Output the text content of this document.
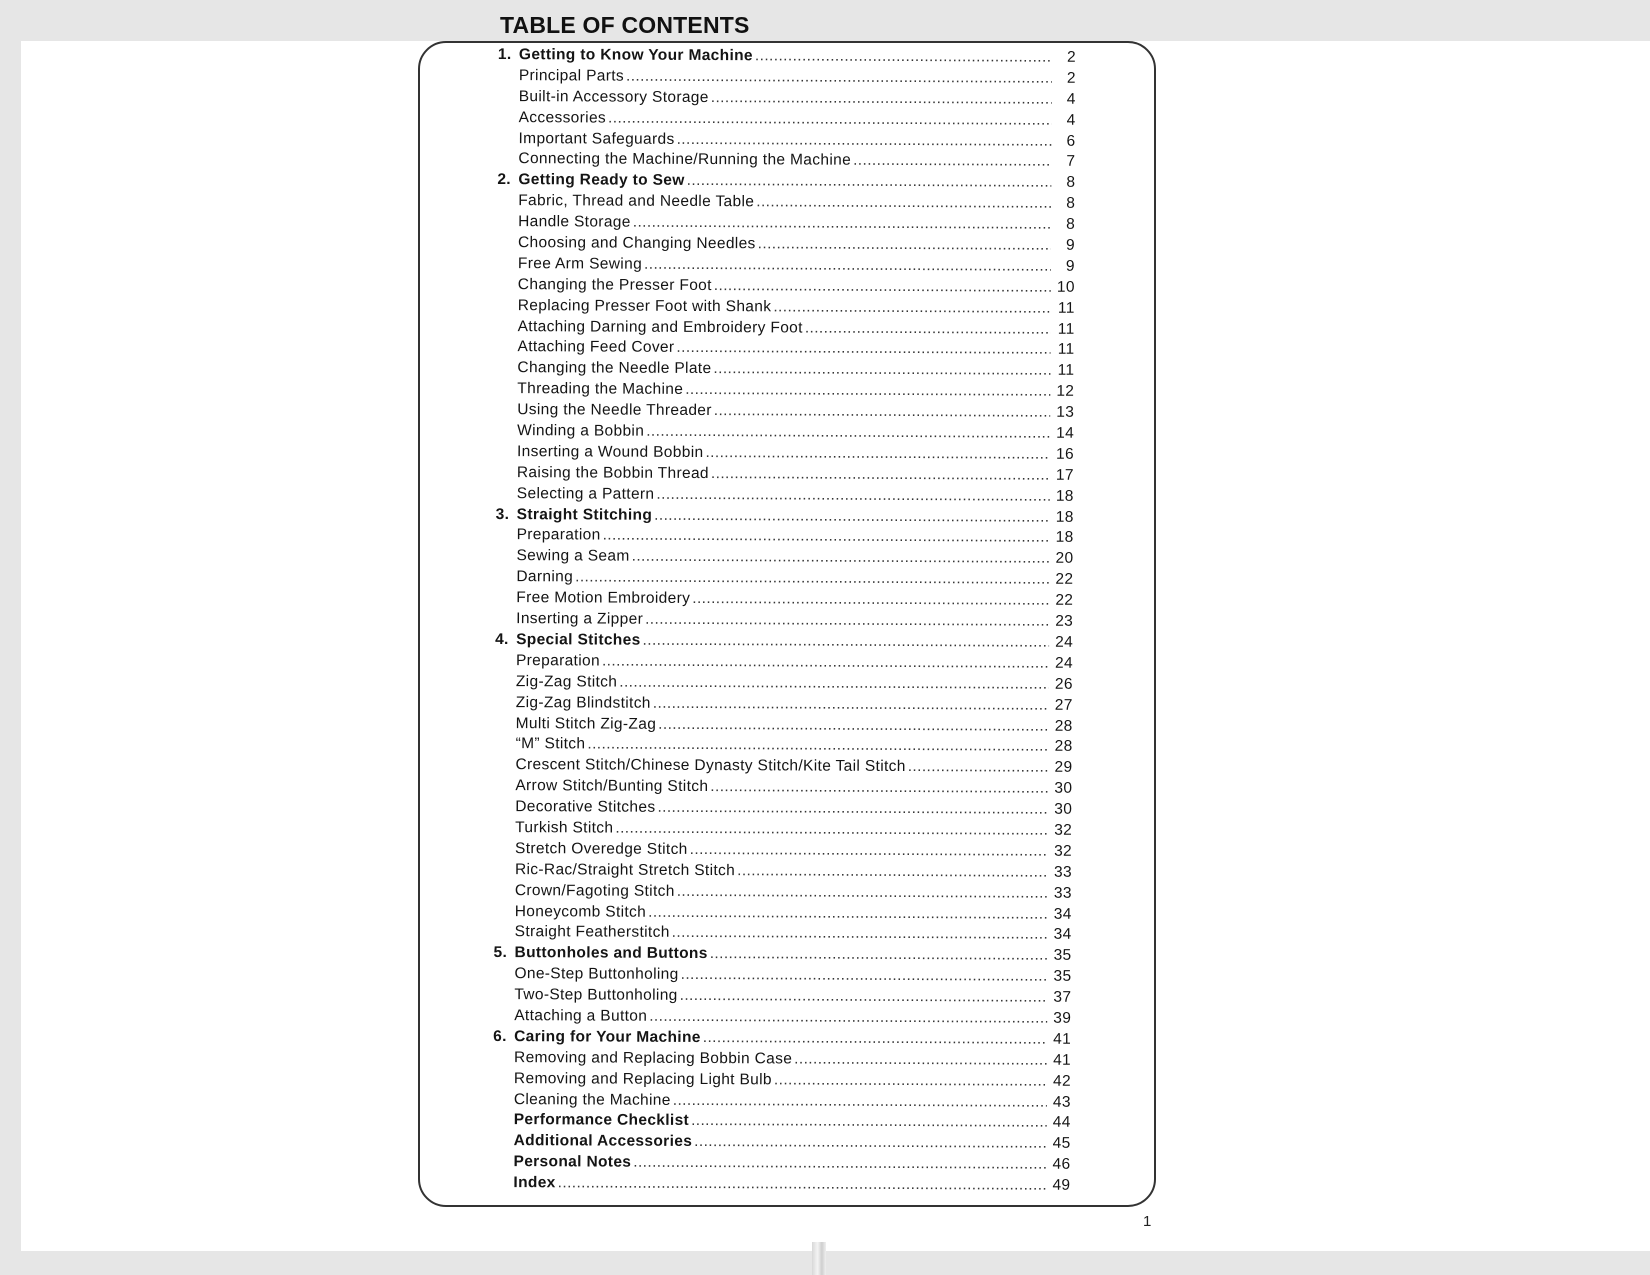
TABLE OF CONTENTS
1. Getting to Know Your Machine .....	2
Principal Parts .....	2
Built-in Accessory Storage .....	4
Accessories .....	4
Important Safeguards .....	6
Connecting the Machine/Running the Machine .....	7
2. Getting Ready to Sew .....	8
Fabric, Thread and Needle Table .....	8
Handle Storage .....	8
Choosing and Changing Needles .....	9
Free Arm Sewing .....	9
Changing the Presser Foot .....	10
Replacing Presser Foot with Shank .....	11
Attaching Darning and Embroidery Foot .....	11
Attaching Feed Cover .....	11
Changing the Needle Plate .....	11
Threading the Machine .....	12
Using the Needle Threader .....	13
Winding a Bobbin .....	14
Inserting a Wound Bobbin .....	16
Raising the Bobbin Thread .....	17
Selecting a Pattern .....	18
3. Straight Stitching .....	18
Preparation .....	18
Sewing a Seam .....	20
Darning .....	22
Free Motion Embroidery .....	22
Inserting a Zipper .....	23
4. Special Stitches .....	24
Preparation .....	24
Zig-Zag Stitch .....	26
Zig-Zag Blindstitch .....	27
Multi Stitch Zig-Zag .....	28
“M” Stitch .....	28
Crescent Stitch/Chinese Dynasty Stitch/Kite Tail Stitch .....	29
Arrow Stitch/Bunting Stitch .....	30
Decorative Stitches .....	30
Turkish Stitch .....	32
Stretch Overedge Stitch .....	32
Ric-Rac/Straight Stretch Stitch .....	33
Crown/Fagoting Stitch .....	33
Honeycomb Stitch .....	34
Straight Featherstitch .....	34
5. Buttonholes and Buttons .....	35
One-Step Buttonholing .....	35
Two-Step Buttonholing .....	37
Attaching a Button .....	39
6. Caring for Your Machine .....	41
Removing and Replacing Bobbin Case .....	41
Removing and Replacing Light Bulb .....	42
Cleaning the Machine .....	43
Performance Checklist .....	44
Additional Accessories .....	45
Personal Notes .....	46
Index .....	49
1
